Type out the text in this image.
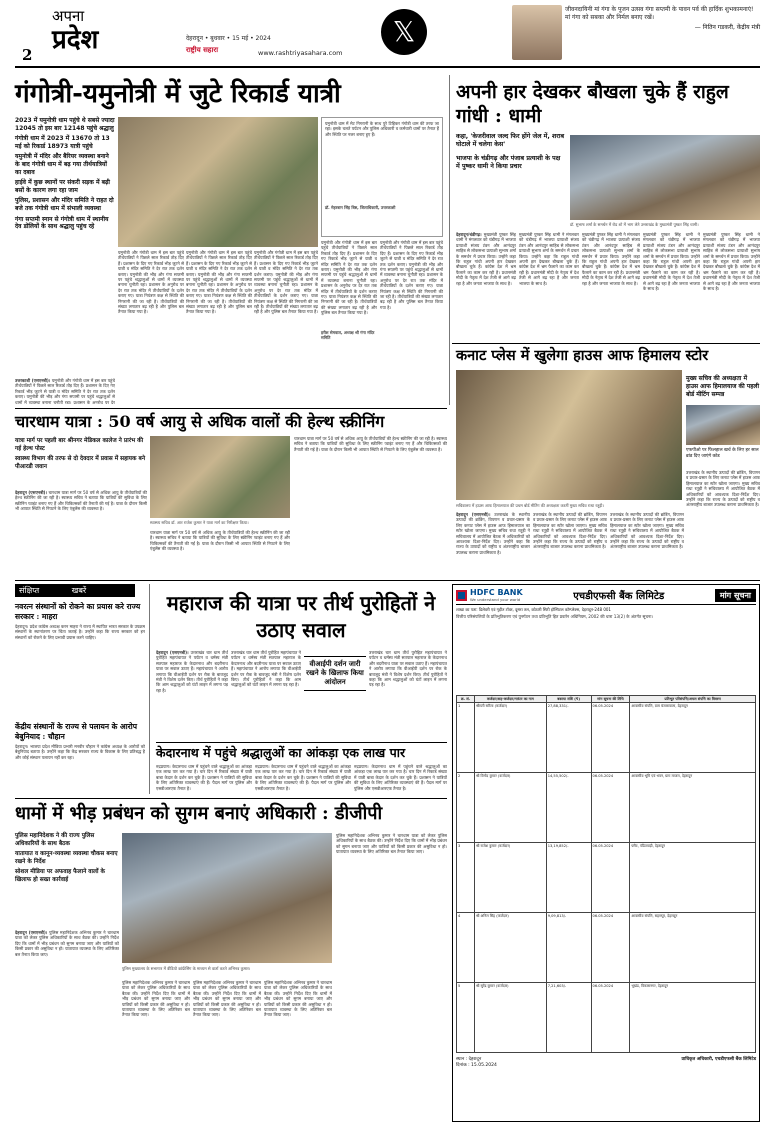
2
अपना
प्रदेश	देहरादून • बुधवार • 15 मई • 2024
राष्ट्रीय सहारा	www.rashtriyasahara.com
𝕏
जीवनदायिनी मां गंगा के पूजन उत्सव गंगा सप्तमी के पावन पर्व की हार्दिक शुभकामनाएं! मां गंगा को सबका और निर्मल बनाए रखें।
— नितिन गडकरी, केंद्रीय मंत्री
गंगोत्री-यमुनोत्री में जुटे रिकार्ड यात्री
2023 में यमुनोत्री धाम पहुंचे थे सबसे ज्यादा 12045 तो इस बार 12148 पहुंचे श्रद्धालु
गंगोत्री धाम में 2023 में 13670 तो 13 मई को रिकार्ड 18973 यात्री पहुंचे
यमुनोत्री में मंदिर और बैरियर व्यवस्था बनाने के बाद गंगोत्री धाम में बढ़ गया तीर्थयात्रियों का दबाव
हाईवे में कुछ स्थानों पर संकरी सड़क में बढ़ी बसों के कारण लगा रहा जाम
पुलिस, प्रशासन और मंदिर समिति ने राहत दो बजे तक गंगोत्री धाम में संभाली व्यवस्था
गंगा सप्तमी स्नान से गंगोत्री धाम में स्थानीय देव डोलियों के साथ श्रद्धालु पहुंच रहे
यमुनोत्री धाम में मेट निगरानी के साथ पुरे टिहिकर गंगोत्री धाम की तरफ जा रहा। इसके चलते पर्यटन और पुलिस अधिकारी व कर्मचारी धामों पर तैनात हैं और स्थिति पर नजर बनाए हुए हैं।
डॉ. मेहरबान सिंह बिष्ट, जिलाधिकारी, उत्तरकाशी
उत्तरकाशी (एसएनबी)। यमुनोत्री और गंगोत्री धाम में इस बार पहुंचे तीर्थयात्रियों ने पिछले साल रिकार्ड तोड़ दिए हैं। प्रशासन के दिए गए रिकार्ड भीड़ जुटने से यात्री व मंदिर समिति ने देर रात तक दर्शन कराए। यमुनोत्री की भीड़ और गंगा सप्तमी पर पहुंचे श्रद्धालुओं से धामों में व्यवस्था बनाना चुनौती रहा। प्रशासन के अनुरोध पर देर
यमुनोत्री और गंगोत्री धाम में इस बार पहुंचे तीर्थयात्रियों ने पिछले साल रिकार्ड तोड़ दिए हैं। प्रशासन के दिए गए रिकार्ड भीड़ जुटने से यात्री व मंदिर समिति ने देर रात तक दर्शन कराए। यमुनोत्री की भीड़ और गंगा सप्तमी पर पहुंचे श्रद्धालुओं से धामों में व्यवस्था बनाना चुनौती रहा। प्रशासन के अनुरोध पर देर रात तक मंदिर में तीर्थयात्रियों के दर्शन कराए गए। यात्रा नियंत्रण कक्ष से स्थिति की निगरानी की जा रही है। तीर्थयात्रियों की संख्या लगातार बढ़ रही है और पुलिस बल तैनात किया गया है।
यमुनोत्री और गंगोत्री धाम में इस बार पहुंचे तीर्थयात्रियों ने पिछले साल रिकार्ड तोड़ दिए हैं। प्रशासन के दिए गए रिकार्ड भीड़ जुटने से यात्री व मंदिर समिति ने देर रात तक दर्शन कराए। यमुनोत्री की भीड़ और गंगा सप्तमी पर पहुंचे श्रद्धालुओं से धामों में व्यवस्था बनाना चुनौती रहा। प्रशासन के अनुरोध पर देर रात तक मंदिर में तीर्थयात्रियों के दर्शन कराए गए। यात्रा नियंत्रण कक्ष से स्थिति की निगरानी की जा रही है। तीर्थयात्रियों की संख्या लगातार बढ़ रही है और पुलिस बल तैनात किया गया है।
यमुनोत्री और गंगोत्री धाम में इस बार पहुंचे तीर्थयात्रियों ने पिछले साल रिकार्ड तोड़ दिए हैं। प्रशासन के दिए गए रिकार्ड भीड़ जुटने से यात्री व मंदिर समिति ने देर रात तक दर्शन कराए। यमुनोत्री की भीड़ और गंगा सप्तमी पर पहुंचे श्रद्धालुओं से धामों में व्यवस्था बनाना चुनौती रहा। प्रशासन के अनुरोध पर देर रात तक मंदिर में तीर्थयात्रियों के दर्शन कराए गए। यात्रा नियंत्रण कक्ष से स्थिति की निगरानी की जा रही है। तीर्थयात्रियों की संख्या लगातार बढ़ रही है और पुलिस बल तैनात किया गया है।
यमुनोत्री और गंगोत्री धाम में इस बार पहुंचे तीर्थयात्रियों ने पिछले साल रिकार्ड तोड़ दिए हैं। प्रशासन के दिए गए रिकार्ड भीड़ जुटने से यात्री व मंदिर समिति ने देर रात तक दर्शन कराए। यमुनोत्री की भीड़ और गंगा सप्तमी पर पहुंचे श्रद्धालुओं से धामों में व्यवस्था बनाना चुनौती रहा। प्रशासन के अनुरोध पर देर रात तक मंदिर में तीर्थयात्रियों के दर्शन कराए गए। यात्रा नियंत्रण कक्ष से स्थिति की निगरानी की जा रही है। तीर्थयात्रियों की संख्या लगातार बढ़ रही है और पुलिस बल तैनात किया गया है।
यमुनोत्री और गंगोत्री धाम में इस बार पहुंचे तीर्थयात्रियों ने पिछले साल रिकार्ड तोड़ दिए हैं। प्रशासन के दिए गए रिकार्ड भीड़ जुटने से यात्री व मंदिर समिति ने देर रात तक दर्शन कराए। यमुनोत्री की भीड़ और गंगा सप्तमी पर पहुंचे श्रद्धालुओं से धामों में व्यवस्था बनाना चुनौती रहा। प्रशासन के अनुरोध पर देर रात तक मंदिर में तीर्थयात्रियों के दर्शन कराए गए। यात्रा नियंत्रण कक्ष से स्थिति की निगरानी की जा रही है। तीर्थयात्रियों की संख्या लगातार बढ़ रही है और पुलिस बल तैनात किया गया है।
हरीश सेमवाल, अध्यक्ष श्री गंगा मंदिर समिति
अपनी हार देखकर बौखला चुके हैं राहुल गांधी : धामी
कहा, 'केजरीवाल जल्द फिर होंगे जेल में, शराब घोटाले में चलेगा केस'
भाजपा के चंडीगढ़ और पंजाब प्रत्याशी के पक्ष में पुष्कर धामी ने किया प्रचार
डॉ. सुभाष शर्मा के समर्थन में रोड शो में भाग लेते उत्तराखंड के मुख्यमंत्री पुष्कर सिंह धामी।
देहरादून/चंडीगढ़। मुख्यमंत्री पुष्कर सिंह धामी ने मंगलवार को चंडीगढ़ में भाजपा प्रत्याशी संजय टंडन और आनंदपुर साहिब से लोकसभा प्रत्याशी सुभाष शर्मा के समर्थन में प्रचार किया। उन्होंने कहा कि राहुल गांधी अपनी हार देखकर बौखला चुके हैं। कांग्रेस देश में भ्रम फैलाने का काम कर रही है। प्रधानमंत्री मोदी के नेतृत्व में देश तेजी से आगे बढ़ रहा है और जनता भाजपा के साथ है।
मुख्यमंत्री पुष्कर सिंह धामी ने मंगलवार को चंडीगढ़ में भाजपा प्रत्याशी संजय टंडन और आनंदपुर साहिब से लोकसभा प्रत्याशी सुभाष शर्मा के समर्थन में प्रचार किया। उन्होंने कहा कि राहुल गांधी अपनी हार देखकर बौखला चुके हैं। कांग्रेस देश में भ्रम फैलाने का काम कर रही है। प्रधानमंत्री मोदी के नेतृत्व में देश तेजी से आगे बढ़ रहा है और जनता भाजपा के साथ है।
मुख्यमंत्री पुष्कर सिंह धामी ने मंगलवार को चंडीगढ़ में भाजपा प्रत्याशी संजय टंडन और आनंदपुर साहिब से लोकसभा प्रत्याशी सुभाष शर्मा के समर्थन में प्रचार किया। उन्होंने कहा कि राहुल गांधी अपनी हार देखकर बौखला चुके हैं। कांग्रेस देश में भ्रम फैलाने का काम कर रही है। प्रधानमंत्री मोदी के नेतृत्व में देश तेजी से आगे बढ़ रहा है और जनता भाजपा के साथ है।
मुख्यमंत्री पुष्कर सिंह धामी ने मंगलवार को चंडीगढ़ में भाजपा प्रत्याशी संजय टंडन और आनंदपुर साहिब से लोकसभा प्रत्याशी सुभाष शर्मा के समर्थन में प्रचार किया। उन्होंने कहा कि राहुल गांधी अपनी हार देखकर बौखला चुके हैं। कांग्रेस देश में भ्रम फैलाने का काम कर रही है। प्रधानमंत्री मोदी के नेतृत्व में देश तेजी से आगे बढ़ रहा है और जनता भाजपा के साथ है।
मुख्यमंत्री पुष्कर सिंह धामी ने मंगलवार को चंडीगढ़ में भाजपा प्रत्याशी संजय टंडन और आनंदपुर साहिब से लोकसभा प्रत्याशी सुभाष शर्मा के समर्थन में प्रचार किया। उन्होंने कहा कि राहुल गांधी अपनी हार देखकर बौखला चुके हैं। कांग्रेस देश में भ्रम फैलाने का काम कर रही है। प्रधानमंत्री मोदी के नेतृत्व में देश तेजी से आगे बढ़ रहा है और जनता भाजपा के साथ है।
कनाट प्लेस में खुलेगा हाउस आफ हिमालय स्टोर
मुख्य सचिव की अध्यक्षता में हाउस आफ हिमालयाज की पहली बोर्ड मीटिंग सम्पन्न
एफपीओ पर फिलहाल खर्च के लिए हर साल ब्रांड दिए जाएंगे कोड
सचिवालय में हाउस आफ हिमालयाज की प्रथम बोर्ड मीटिंग की अध्यक्षता करतीं मुख्य सचिव राधा रतूड़ी।
देहरादून (एसएनबी)। उत्तराखंड के स्थानीय उत्पादों की ब्रांडिंग, विपणन व प्रचार-प्रसार के लिए कनाट प्लेस में हाउस आफ हिमालयाज का स्टोर खोला जाएगा। मुख्य सचिव राधा रतूड़ी ने सचिवालय में आयोजित बैठक में अधिकारियों को आवश्यक दिशा-निर्देश दिए। उन्होंने कहा कि राज्य के उत्पादों को राष्ट्रीय व अंतरराष्ट्रीय बाजार उपलब्ध कराना प्राथमिकता है।
उत्तराखंड के स्थानीय उत्पादों की ब्रांडिंग, विपणन व प्रचार-प्रसार के लिए कनाट प्लेस में हाउस आफ हिमालयाज का स्टोर खोला जाएगा। मुख्य सचिव राधा रतूड़ी ने सचिवालय में आयोजित बैठक में अधिकारियों को आवश्यक दिशा-निर्देश दिए। उन्होंने कहा कि राज्य के उत्पादों को राष्ट्रीय व अंतरराष्ट्रीय बाजार उपलब्ध कराना प्राथमिकता है।
उत्तराखंड के स्थानीय उत्पादों की ब्रांडिंग, विपणन व प्रचार-प्रसार के लिए कनाट प्लेस में हाउस आफ हिमालयाज का स्टोर खोला जाएगा। मुख्य सचिव राधा रतूड़ी ने सचिवालय में आयोजित बैठक में अधिकारियों को आवश्यक दिशा-निर्देश दिए। उन्होंने कहा कि राज्य के उत्पादों को राष्ट्रीय व अंतरराष्ट्रीय बाजार उपलब्ध कराना प्राथमिकता है।
उत्तराखंड के स्थानीय उत्पादों की ब्रांडिंग, विपणन व प्रचार-प्रसार के लिए कनाट प्लेस में हाउस आफ हिमालयाज का स्टोर खोला जाएगा। मुख्य सचिव राधा रतूड़ी ने सचिवालय में आयोजित बैठक में अधिकारियों को आवश्यक दिशा-निर्देश दिए। उन्होंने कहा कि राज्य के उत्पादों को राष्ट्रीय व अंतरराष्ट्रीय बाजार उपलब्ध कराना प्राथमिकता है।
चारधाम यात्रा : 50 वर्ष आयु से अधिक वालों की हेल्थ स्क्रीनिंग
यात्रा मार्ग पर पहली बार श्रीनगर मेडिकल कालेज ने प्रारंभ की गई हेल्थ पोस्ट
स्वास्थ्य विभाग की तरफ से दो देवदार में प्रवास में सहायक बने पीआरडी जवान
स्वास्थ्य सचिव डॉ. आर राजेश कुमार ने यात्रा मार्ग का निरीक्षण किया।
देहरादून (एसएनबी)। चारधाम यात्रा मार्ग पर 50 वर्ष से अधिक आयु के तीर्थयात्रियों की हेल्थ स्क्रीनिंग की जा रही है। स्वास्थ्य सचिव ने बताया कि यात्रियों की सुविधा के लिए स्क्रीनिंग प्वाइंट बनाए गए हैं और चिकित्सकों की तैनाती की गई है। यात्रा के दौरान किसी भी आपात स्थिति से निपटने के लिए एंबुलेंस की व्यवस्था है।
चारधाम यात्रा मार्ग पर 50 वर्ष से अधिक आयु के तीर्थयात्रियों की हेल्थ स्क्रीनिंग की जा रही है। स्वास्थ्य सचिव ने बताया कि यात्रियों की सुविधा के लिए स्क्रीनिंग प्वाइंट बनाए गए हैं और चिकित्सकों की तैनाती की गई है। यात्रा के दौरान किसी भी आपात स्थिति से निपटने के लिए एंबुलेंस की व्यवस्था है।
चारधाम यात्रा मार्ग पर 50 वर्ष से अधिक आयु के तीर्थयात्रियों की हेल्थ स्क्रीनिंग की जा रही है। स्वास्थ्य सचिव ने बताया कि यात्रियों की सुविधा के लिए स्क्रीनिंग प्वाइंट बनाए गए हैं और चिकित्सकों की तैनाती की गई है। यात्रा के दौरान किसी भी आपात स्थिति से निपटने के लिए एंबुलेंस की व्यवस्था है।
संक्षिप्त	खबरें
नवरत्न संस्थानों को रोकने का प्रयास करे राज्य सरकार : माहरा
देहरादून। प्रदेश कांग्रेस अध्यक्ष करन माहरा ने राज्य में स्थापित भारत सरकार के उपक्रम संस्थानों के स्थानांतरण पर चिंता जताई है। उन्होंने कहा कि राज्य सरकार को इन संस्थानों को रोकने के लिए प्रभावी प्रयास करने चाहिए।
केंद्रीय संस्थानों के राज्य से पलायन के आरोप बेबुनियाद : चौहान
देहरादून। भाजपा प्रदेश मीडिया प्रभारी मनवीर चौहान ने कांग्रेस अध्यक्ष के आरोपों को बेबुनियाद बताया है। उन्होंने कहा कि केंद्र सरकार राज्य के विकास के लिए प्रतिबद्ध है और कोई संस्थान पलायन नहीं कर रहा।
महाराज की यात्रा पर तीर्थ पुरोहितों ने उठाए सवाल
देहरादून (एसएनबी)। उत्तराखंड चार धाम तीर्थ पुरोहित महापंचायत ने पर्यटन व धर्मस्व मंत्री सतपाल महाराज के केदारनाथ और बदरीनाथ यात्रा पर सवाल उठाए हैं। महापंचायत ने आरोप लगाया कि वीआईपी दर्शन पर रोक के बावजूद मंत्री ने विशेष दर्शन किए। तीर्थ पुरोहितों ने कहा कि आम श्रद्धालुओं को घंटों लाइन में लगना पड़ रहा है।
उत्तराखंड चार धाम तीर्थ पुरोहित महापंचायत ने पर्यटन व धर्मस्व मंत्री सतपाल महाराज के केदारनाथ और बदरीनाथ यात्रा पर सवाल उठाए हैं। महापंचायत ने आरोप लगाया कि वीआईपी दर्शन पर रोक के बावजूद मंत्री ने विशेष दर्शन किए। तीर्थ पुरोहितों ने कहा कि आम श्रद्धालुओं को घंटों लाइन में लगना पड़ रहा है।
वीआईपी दर्शन जारी रखने के खिलाफ किया आंदोलन
उत्तराखंड चार धाम तीर्थ पुरोहित महापंचायत ने पर्यटन व धर्मस्व मंत्री सतपाल महाराज के केदारनाथ और बदरीनाथ यात्रा पर सवाल उठाए हैं। महापंचायत ने आरोप लगाया कि वीआईपी दर्शन पर रोक के बावजूद मंत्री ने विशेष दर्शन किए। तीर्थ पुरोहितों ने कहा कि आम श्रद्धालुओं को घंटों लाइन में लगना पड़ रहा है।
केदारनाथ में पहुंचे श्रद्धालुओं का आंकड़ा एक लाख पार
रुद्रप्रयाग। केदारनाथ धाम में पहुंचने वाले श्रद्धालुओं का आंकड़ा एक लाख पार कर गया है। चार दिन में रिकार्ड संख्या में यात्री बाबा केदार के दर्शन कर चुके हैं। प्रशासन ने यात्रियों की सुविधा के लिए अतिरिक्त व्यवस्थाएं की हैं। पैदल मार्ग पर पुलिस और एसडीआरएफ तैनात है।
रुद्रप्रयाग। केदारनाथ धाम में पहुंचने वाले श्रद्धालुओं का आंकड़ा एक लाख पार कर गया है। चार दिन में रिकार्ड संख्या में यात्री बाबा केदार के दर्शन कर चुके हैं। प्रशासन ने यात्रियों की सुविधा के लिए अतिरिक्त व्यवस्थाएं की हैं। पैदल मार्ग पर पुलिस और एसडीआरएफ तैनात है।
रुद्रप्रयाग। केदारनाथ धाम में पहुंचने वाले श्रद्धालुओं का आंकड़ा एक लाख पार कर गया है। चार दिन में रिकार्ड संख्या में यात्री बाबा केदार के दर्शन कर चुके हैं। प्रशासन ने यात्रियों की सुविधा के लिए अतिरिक्त व्यवस्थाएं की हैं। पैदल मार्ग पर पुलिस और एसडीआरएफ तैनात है।
धामों में भीड़ प्रबंधन को सुगम बनाएं अधिकारी : डीजीपी
पुलिस महानिदेशक ने की राज्य पुलिस अधिकारियों के साथ बैठक
यातायात व कानून-व्यवस्था व्यवस्था चौकस बनाए रखने के निर्देश
सोशल मीडिया पर अफवाह फैलाने वालों के खिलाफ हो सख्त कार्रवाई
पुलिस मुख्यालय के सभागार में वीडियो कांफ्रेंसिंग के माध्यम से वार्ता करते अभिनव कुमार।
देहरादून (एसएनबी)। पुलिस महानिदेशक अभिनव कुमार ने चारधाम यात्रा को लेकर पुलिस अधिकारियों के साथ बैठक की। उन्होंने निर्देश दिए कि धामों में भीड़ प्रबंधन को सुगम बनाया जाए और यात्रियों को किसी प्रकार की असुविधा न हो। यातायात व्यवस्था के लिए अतिरिक्त बल तैनात किया जाए।
पुलिस महानिदेशक अभिनव कुमार ने चारधाम यात्रा को लेकर पुलिस अधिकारियों के साथ बैठक की। उन्होंने निर्देश दिए कि धामों में भीड़ प्रबंधन को सुगम बनाया जाए और यात्रियों को किसी प्रकार की असुविधा न हो। यातायात व्यवस्था के लिए अतिरिक्त बल तैनात किया जाए।
पुलिस महानिदेशक अभिनव कुमार ने चारधाम यात्रा को लेकर पुलिस अधिकारियों के साथ बैठक की। उन्होंने निर्देश दिए कि धामों में भीड़ प्रबंधन को सुगम बनाया जाए और यात्रियों को किसी प्रकार की असुविधा न हो। यातायात व्यवस्था के लिए अतिरिक्त बल तैनात किया जाए।
पुलिस महानिदेशक अभिनव कुमार ने चारधाम यात्रा को लेकर पुलिस अधिकारियों के साथ बैठक की। उन्होंने निर्देश दिए कि धामों में भीड़ प्रबंधन को सुगम बनाया जाए और यात्रियों को किसी प्रकार की असुविधा न हो। यातायात व्यवस्था के लिए अतिरिक्त बल तैनात किया जाए।
पुलिस महानिदेशक अभिनव कुमार ने चारधाम यात्रा को लेकर पुलिस अधिकारियों के साथ बैठक की। उन्होंने निर्देश दिए कि धामों में भीड़ प्रबंधन को सुगम बनाया जाए और यात्रियों को किसी प्रकार की असुविधा न हो। यातायात व्यवस्था के लिए अतिरिक्त बल तैनात किया जाए।
HDFC BANK
We understand your world	एचडीएफसी बैंक लिमिटेड	मांग सूचना
शाखा का पता: डिलेवरी एवं गृहीत टॉवर, दूसरा तल, कोठारी सिटी हॉस्पिटल कॉम्प्लेक्स, देहरादून-248 001
वित्तीय परिसंपत्तियों के प्रतिभूतिकरण एवं पुनर्गठन तथा प्रतिभूति हित प्रवर्तन अधिनियम, 2002 की धारा 13(2) के अंतर्गत सूचना।
क्र. सं.	कर्जदार/सह-कर्जदार/गारंटर का नाम	बकाया राशि (₹)	मांग सूचना की तिथि	प्रतिभूत परिसंपत्ति/अचल संपत्ति का विवरण
1	श्रीमती सरिता (कर्जदार)	27,88,331/-	06.05.2024	आवासीय संपत्ति, ग्राम बंजारावाला, देहरादून
2	श्री विनोद कुमार (कर्जदार)	14,55,502/-	06.05.2024	आवासीय भूमि एवं भवन, ग्राम माजरा, देहरादून
3	श्री राजेश कुमार (कर्जदार)	13,19,852/-	06.05.2024	फ्लैट, पंडितवाड़ी, देहरादून
4	श्री अनिल सिंह (कर्जदार)	9,09,813/-	06.05.2024	आवासीय संपत्ति, सहसपुर, देहरादून
5	श्री सुरेंद्र कुमार (कर्जदार)	7,21,603/-	06.05.2024	भूखंड, विकासनगर, देहरादून
स्थान : देहरादून
दिनांक : 15.05.2024
प्राधिकृत अधिकारी, एचडीएफसी बैंक लिमिटेड
